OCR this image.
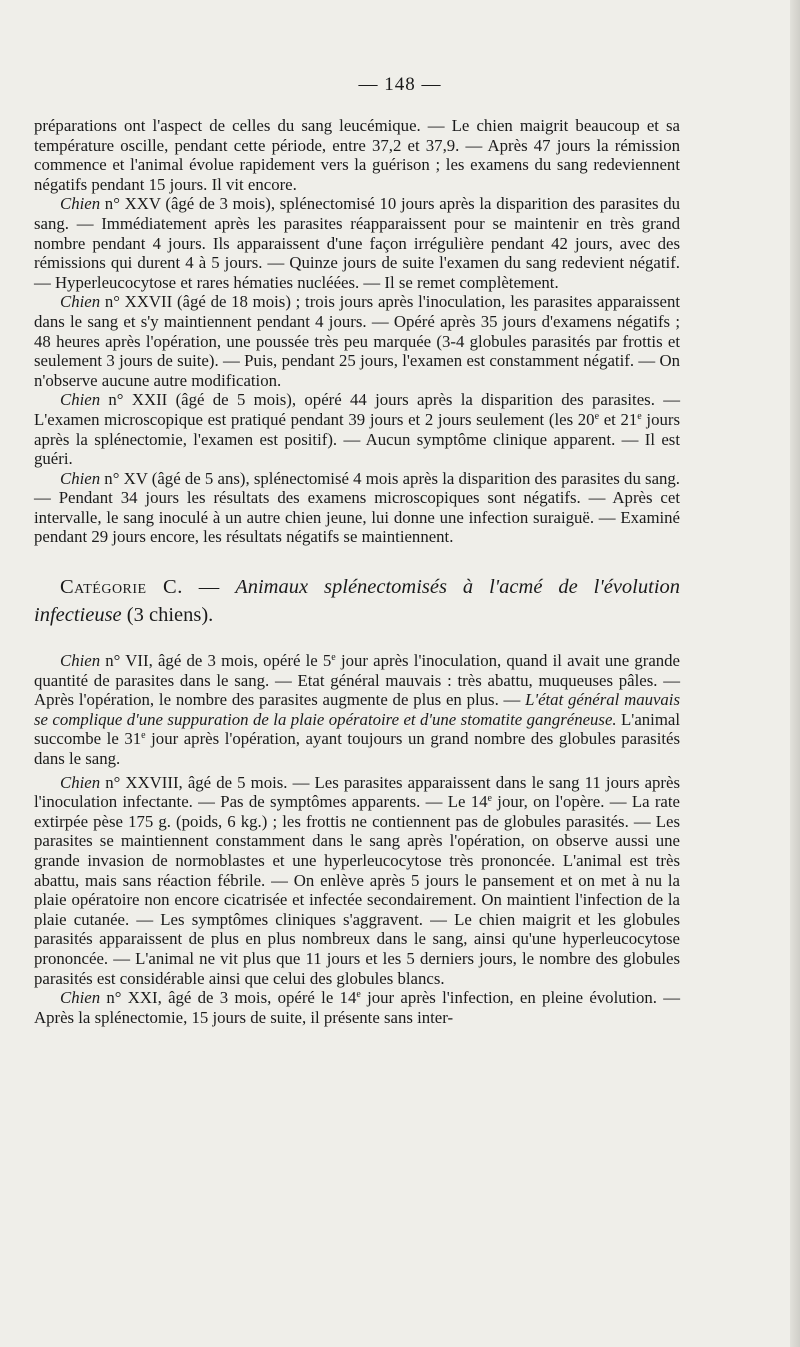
— 148 —

préparations ont l'aspect de celles du sang leucémique. — Le chien maigrit beaucoup et sa température oscille, pendant cette période, entre 37,2 et 37,9. — Après 47 jours la rémission commence et l'animal évolue rapidement vers la guérison ; les examens du sang redeviennent négatifs pendant 15 jours. Il vit encore.

Chien n° XXV (âgé de 3 mois), splénectomisé 10 jours après la disparition des parasites du sang. — Immédiatement après les parasites réapparaissent pour se maintenir en très grand nombre pendant 4 jours. Ils apparaissent d'une façon irrégulière pendant 42 jours, avec des rémissions qui durent 4 à 5 jours. — Quinze jours de suite l'examen du sang redevient négatif. — Hyperleucocytose et rares hématies nucléées. — Il se remet complètement.

Chien n° XXVII (âgé de 18 mois) ; trois jours après l'inoculation, les parasites apparaissent dans le sang et s'y maintiennent pendant 4 jours. — Opéré après 35 jours d'examens négatifs ; 48 heures après l'opération, une poussée très peu marquée (3-4 globules parasités par frottis et seulement 3 jours de suite). — Puis, pendant 25 jours, l'examen est constamment négatif. — On n'observe aucune autre modification.

Chien n° XXII (âgé de 5 mois), opéré 44 jours après la disparition des parasites. — L'examen microscopique est pratiqué pendant 39 jours et 2 jours seulement (les 20e et 21e jours après la splénectomie, l'examen est positif). — Aucun symptôme clinique apparent. — Il est guéri.

Chien n° XV (âgé de 5 ans), splénectomisé 4 mois après la disparition des parasites du sang. — Pendant 34 jours les résultats des examens microscopiques sont négatifs. — Après cet intervalle, le sang inoculé à un autre chien jeune, lui donne une infection suraiguë. — Examiné pendant 29 jours encore, les résultats négatifs se maintiennent.

Catégorie C. — Animaux splénectomisés à l'acmé de l'évolution infectieuse (3 chiens).

Chien n° VII, âgé de 3 mois, opéré le 5e jour après l'inoculation, quand il avait une grande quantité de parasites dans le sang. — Etat général mauvais : très abattu, muqueuses pâles. — Après l'opération, le nombre des parasites augmente de plus en plus. — L'état général mauvais se complique d'une suppuration de la plaie opératoire et d'une stomatite gangréneuse. L'animal succombe le 31e jour après l'opération, ayant toujours un grand nombre des globules parasités dans le sang.

Chien n° XXVIII, âgé de 5 mois. — Les parasites apparaissent dans le sang 11 jours après l'inoculation infectante. — Pas de symptômes apparents. — Le 14e jour, on l'opère. — La rate extirpée pèse 175 g. (poids, 6 kg.) ; les frottis ne contiennent pas de globules parasités. — Les parasites se maintiennent constamment dans le sang après l'opération, on observe aussi une grande invasion de normoblastes et une hyperleucocytose très prononcée. L'animal est très abattu, mais sans réaction fébrile. — On enlève après 5 jours le pansement et on met à nu la plaie opératoire non encore cicatrisée et infectée secondairement. On maintient l'infection de la plaie cutanée. — Les symptômes cliniques s'aggravent. — Le chien maigrit et les globules parasités apparaissent de plus en plus nombreux dans le sang, ainsi qu'une hyperleucocytose prononcée. — L'animal ne vit plus que 11 jours et les 5 derniers jours, le nombre des globules parasités est considérable ainsi que celui des globules blancs.

Chien n° XXI, âgé de 3 mois, opéré le 14e jour après l'infection, en pleine évolution. — Après la splénectomie, 15 jours de suite, il présente sans inter-
